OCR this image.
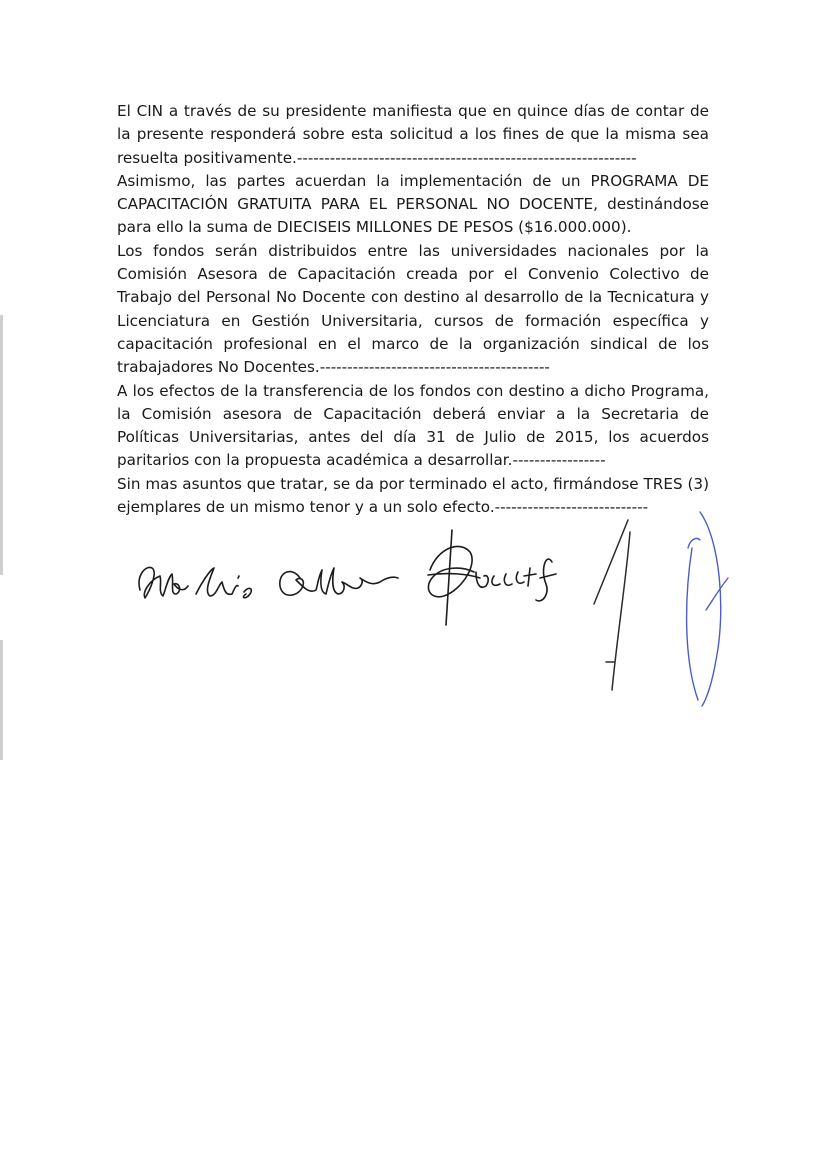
El CIN a través de su presidente manifiesta que en quince días de contar de la presente responderá sobre esta solicitud a los fines de que la misma sea resuelta positivamente.--------------------------------------------------------------

Asimismo, las partes acuerdan la implementación de un PROGRAMA DE CAPACITACIÓN GRATUITA PARA EL PERSONAL NO DOCENTE, destinándose para ello la suma de DIECISEIS MILLONES DE PESOS ($16.000.000).

Los fondos serán distribuidos entre las universidades nacionales por la Comisión Asesora de Capacitación creada por el Convenio Colectivo de Trabajo del Personal No Docente con destino al desarrollo de la Tecnicatura y Licenciatura en Gestión Universitaria, cursos de formación específica y capacitación profesional en el marco de la organización sindical de los trabajadores No Docentes.------------------------------------------

A los efectos de la transferencia de los fondos con destino a dicho Programa, la Comisión asesora de Capacitación deberá enviar a la Secretaria de Políticas Universitarias, antes del día 31 de Julio de 2015, los acuerdos paritarios con la propuesta académica a desarrollar.-----------------

Sin mas asuntos que tratar, se da por terminado el acto, firmándose TRES (3) ejemplares de un mismo tenor y a un solo efecto.----------------------------
